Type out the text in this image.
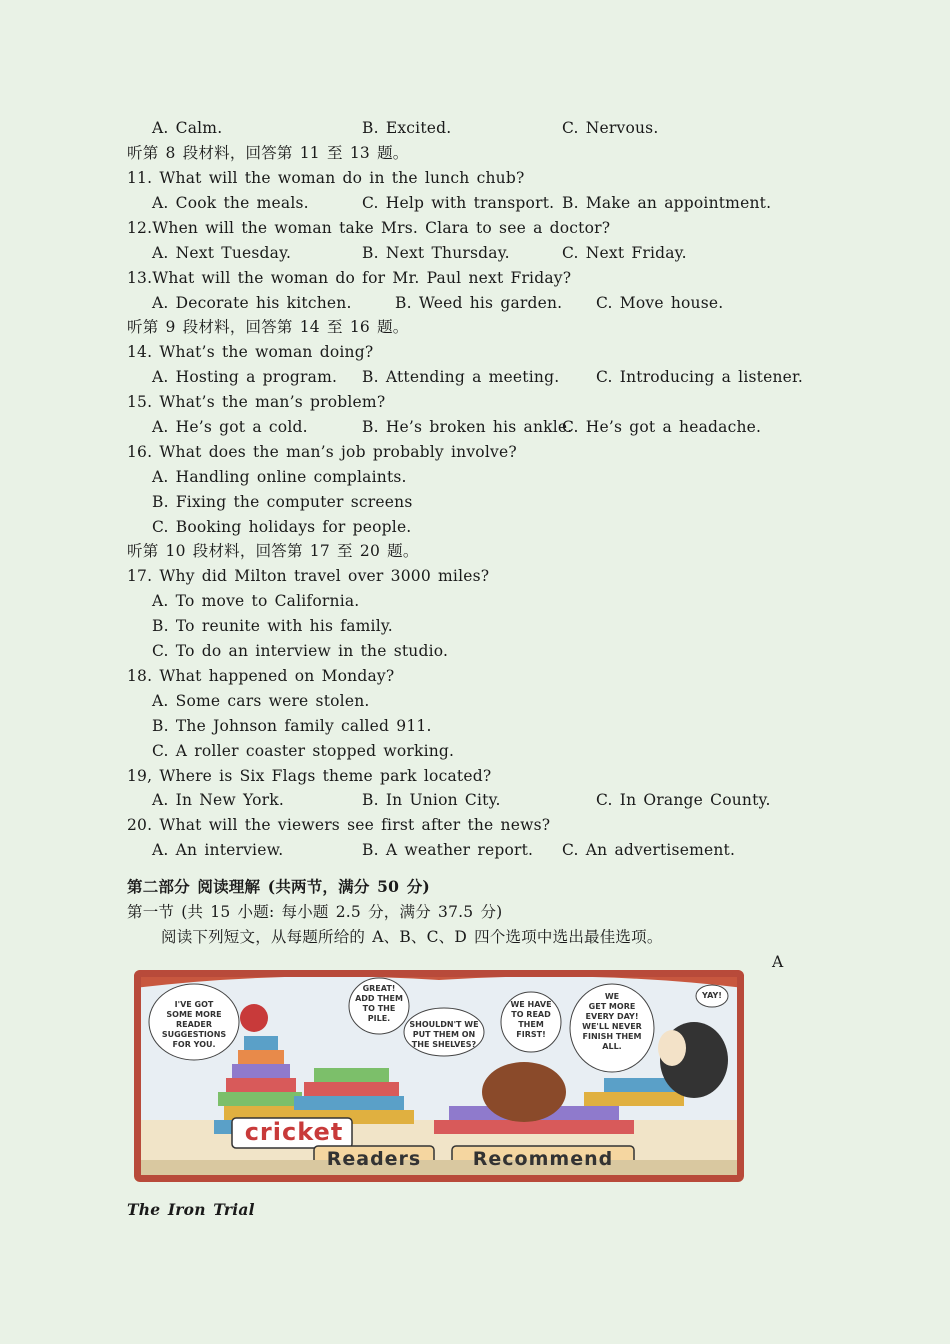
A. Calm.	B. Excited.	C. Nervous.
听第 8 段材料，回答第 11 至 13 题。
11. What will the woman do in the lunch chub?
A. Cook the meals.	C. Help with transport. B. Make an appointment.
12.When will the woman take Mrs. Clara to see a doctor?
A. Next Tuesday.	B. Next Thursday.	C. Next Friday.
13.What will the woman do for Mr. Paul next Friday?
A. Decorate his kitchen.	B. Weed his garden. C. Move house.
听第 9 段材料，回答第 14 至 16 题。
14. What’s the woman doing?
A. Hosting a program. B. Attending a meeting. C. Introducing a listener.
15. What’s the man’s problem?
A. He’s got a cold.	B. He’s broken his ankle.
C. He’s got a headache.
16. What does the man’s job probably involve?
A. Handling online complaints.
B. Fixing the computer screens
C. Booking holidays for people.
听第 10 段材料，回答第 17 至 20 题。
17. Why did Milton travel over 3000 miles?
A. To move to California.
B. To reunite with his family.
C. To do an interview in the studio.
18. What happened on Monday?
A. Some cars were stolen.
B. The Johnson family called 911.
C. A roller coaster stopped working.
19, Where is Six Flags theme park located?
A. In New York.	B. In Union City.	C. In Orange County.
20. What will the viewers see first after the news?
A. An interview.	B. A weather report. C. An advertisement.
第二部分 阅读理解 (共两节，满分 50 分)
第一节 (共 15 小题: 每小题 2.5 分，满分 37.5 分)
阅读下列短文，从每题所给的 A、B、C、D 四个选项中选出最佳选项。
A
The Iron Trial
I'VE GOT
SOME MORE
READER
SUGGESTIONS
FOR YOU.
GREAT!
ADD THEM
TO THE
PILE.
SHOULDN'T WE
PUT THEM ON
THE SHELVES?
WE HAVE
TO READ
THEM
FIRST!
WE
GET MORE
EVERY DAY!
WE'LL NEVER
FINISH THEM
ALL.
YAY!
cricket
Readers	Recommend
